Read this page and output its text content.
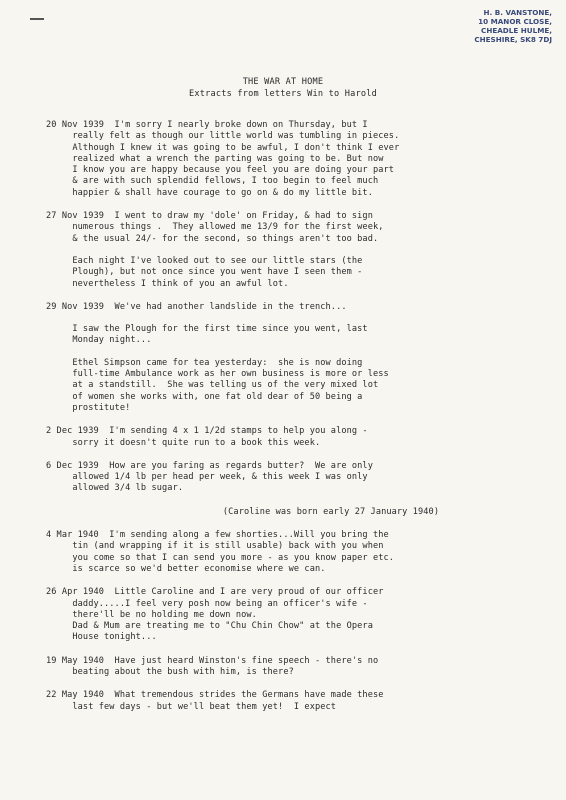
H. B. VANSTONE,
10 MANOR CLOSE,
CHEADLE HULME,
CHESHIRE, SK8 7DJ
THE WAR AT HOME
Extracts from letters Win to Harold

20 Nov 1939  I'm sorry I nearly broke down on Thursday, but I

really felt as though our little world was tumbling in pieces.

Although I knew it was going to be awful, I don't think I ever

realized what a wrench the parting was going to be. But now

I know you are happy because you feel you are doing your part

& are with such splendid fellows, I too begin to feel much

happier & shall have courage to go on & do my little bit.

27 Nov 1939  I went to draw my 'dole' on Friday, & had to sign

numerous things .  They allowed me 13/9 for the first week,

& the usual 24/- for the second, so things aren't too bad.

Each night I've looked out to see our little stars (the

Plough), but not once since you went have I seen them -

nevertheless I think of you an awful lot.

29 Nov 1939  We've had another landslide in the trench...

I saw the Plough for the first time since you went, last

Monday night...

Ethel Simpson came for tea yesterday:  she is now doing

full-time Ambulance work as her own business is more or less

at a standstill.  She was telling us of the very mixed lot

of women she works with, one fat old dear of 50 being a

prostitute!

2 Dec 1939  I'm sending 4 x 1 1/2d stamps to help you along -

sorry it doesn't quite run to a book this week.

6 Dec 1939  How are you faring as regards butter?  We are only

allowed 1/4 lb per head per week, & this week I was only

allowed 3/4 lb sugar.

(Caroline was born early 27 January 1940)

4 Mar 1940  I'm sending along a few shorties...Will you bring the

tin (and wrapping if it is still usable) back with you when

you come so that I can send you more - as you know paper etc.

is scarce so we'd better economise where we can.

26 Apr 1940  Little Caroline and I are very proud of our officer

daddy.....I feel very posh now being an officer's wife -

there'll be no holding me down now.

Dad & Mum are treating me to "Chu Chin Chow" at the Opera

House tonight...

19 May 1940  Have just heard Winston's fine speech - there's no

beating about the bush with him, is there?

22 May 1940  What tremendous strides the Germans have made these

last few days - but we'll beat them yet!  I expect
